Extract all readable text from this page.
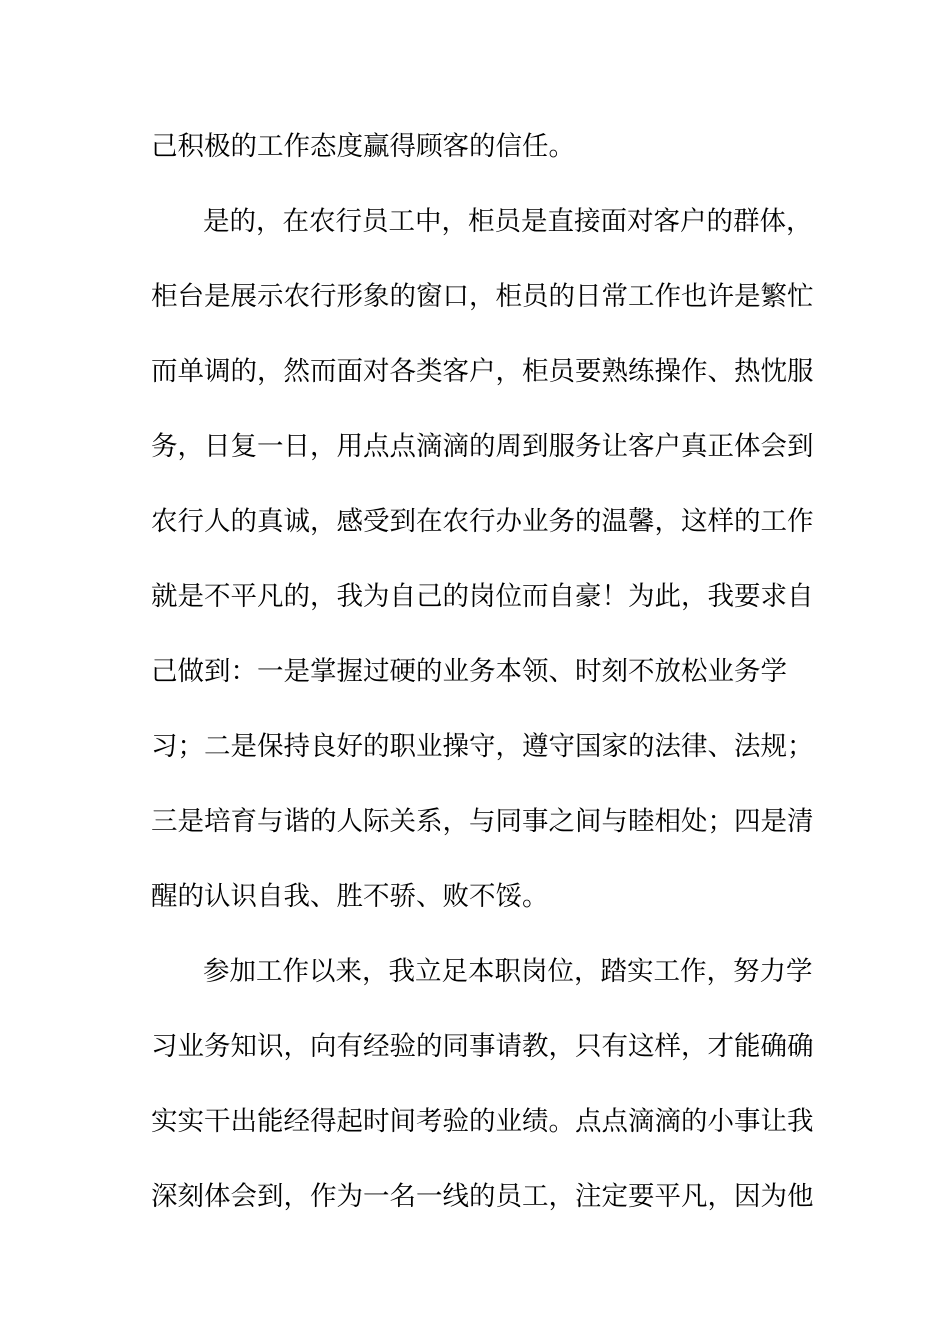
己积极的工作态度赢得顾客的信任。
是的，在农行员工中，柜员是直接面对客户的群体，
柜台是展示农行形象的窗口，柜员的日常工作也许是繁忙
而单调的，然而面对各类客户，柜员要熟练操作、热忱服
务，日复一日，用点点滴滴的周到服务让客户真正体会到
农行人的真诚，感受到在农行办业务的温馨，这样的工作
就是不平凡的，我为自己的岗位而自豪！为此，我要求自
己做到：一是掌握过硬的业务本领、时刻不放松业务学
习；二是保持良好的职业操守，遵守国家的法律、法规；
三是培育与谐的人际关系，与同事之间与睦相处；四是清
醒的认识自我、胜不骄、败不馁。
参加工作以来，我立足本职岗位，踏实工作，努力学
习业务知识，向有经验的同事请教，只有这样，才能确确
实实干出能经得起时间考验的业绩。点点滴滴的小事让我
深刻体会到，作为一名一线的员工，注定要平凡，因为他
